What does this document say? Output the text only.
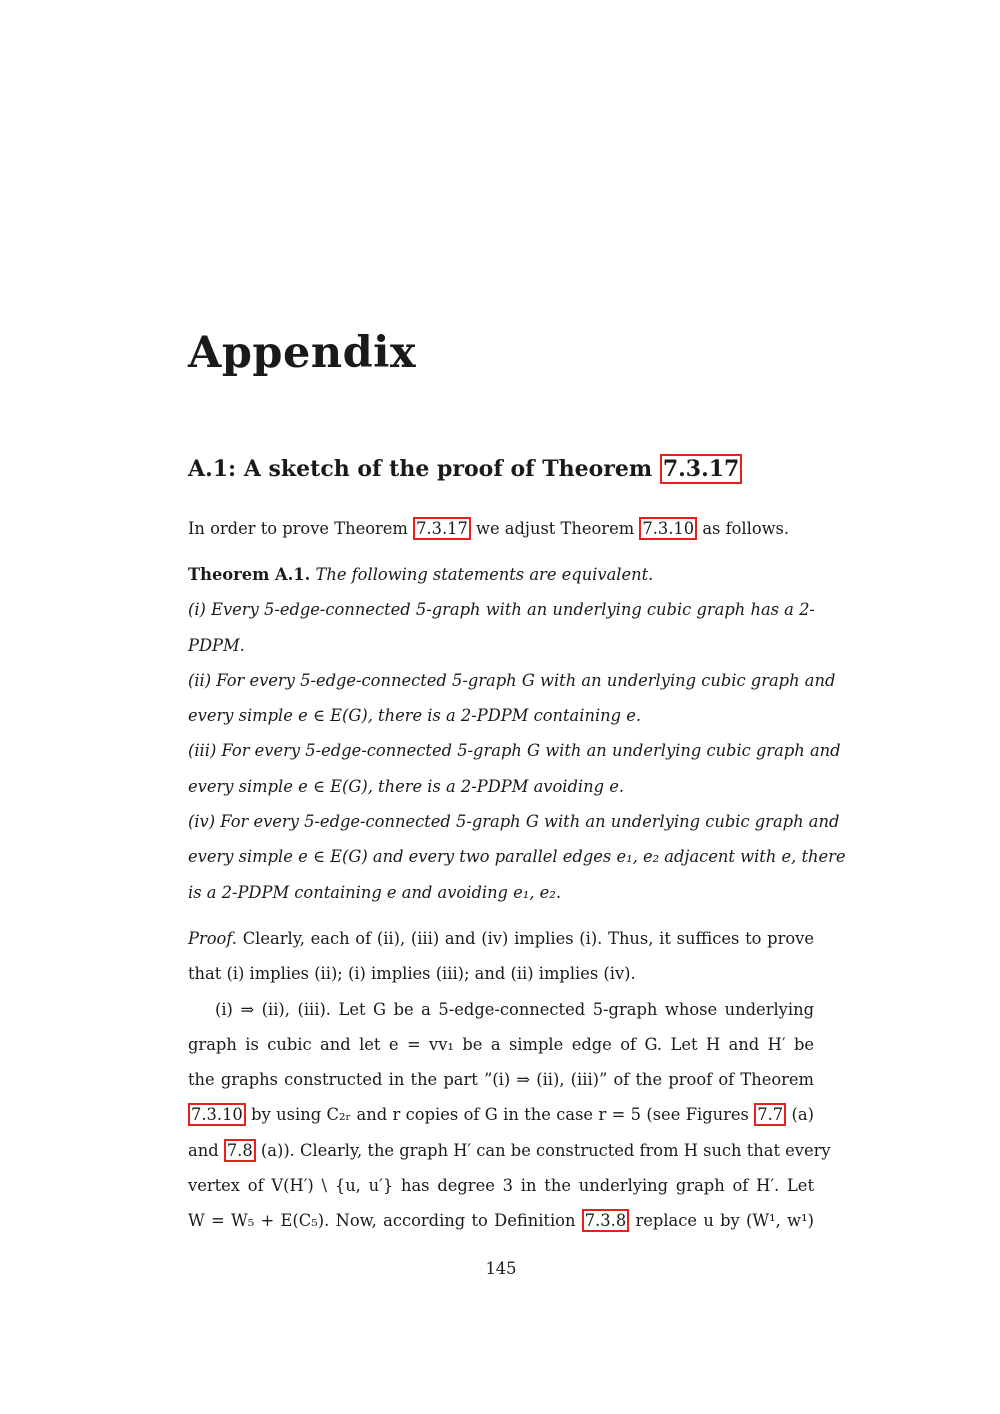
Appendix
A.1: A sketch of the proof of Theorem 7.3.17
In order to prove Theorem 7.3.17 we adjust Theorem 7.3.10 as follows.
Theorem A.1. The following statements are equivalent.
(i) Every 5-edge-connected 5-graph with an underlying cubic graph has a 2-
PDPM.
(ii) For every 5-edge-connected 5-graph G with an underlying cubic graph and
every simple e ∈ E(G), there is a 2-PDPM containing e.
(iii) For every 5-edge-connected 5-graph G with an underlying cubic graph and
every simple e ∈ E(G), there is a 2-PDPM avoiding e.
(iv) For every 5-edge-connected 5-graph G with an underlying cubic graph and
every simple e ∈ E(G) and every two parallel edges e₁, e₂ adjacent with e, there
is a 2-PDPM containing e and avoiding e₁, e₂.
Proof. Clearly, each of (ii), (iii) and (iv) implies (i). Thus, it suffices to prove
that (i) implies (ii); (i) implies (iii); and (ii) implies (iv).
(i) ⇒ (ii), (iii). Let G be a 5-edge-connected 5-graph whose underlying
graph is cubic and let e = vv₁ be a simple edge of G. Let H and H′ be
the graphs constructed in the part ”(i) ⇒ (ii), (iii)” of the proof of Theorem
7.3.10 by using C₂ᵣ and r copies of G in the case r = 5 (see Figures 7.7 (a)
and 7.8 (a)). Clearly, the graph H′ can be constructed from H such that every
vertex of V(H′) \ {u, u′} has degree 3 in the underlying graph of H′. Let
W = W₅ + E(C₅). Now, according to Definition 7.3.8 replace u by (W¹, w¹)
145
